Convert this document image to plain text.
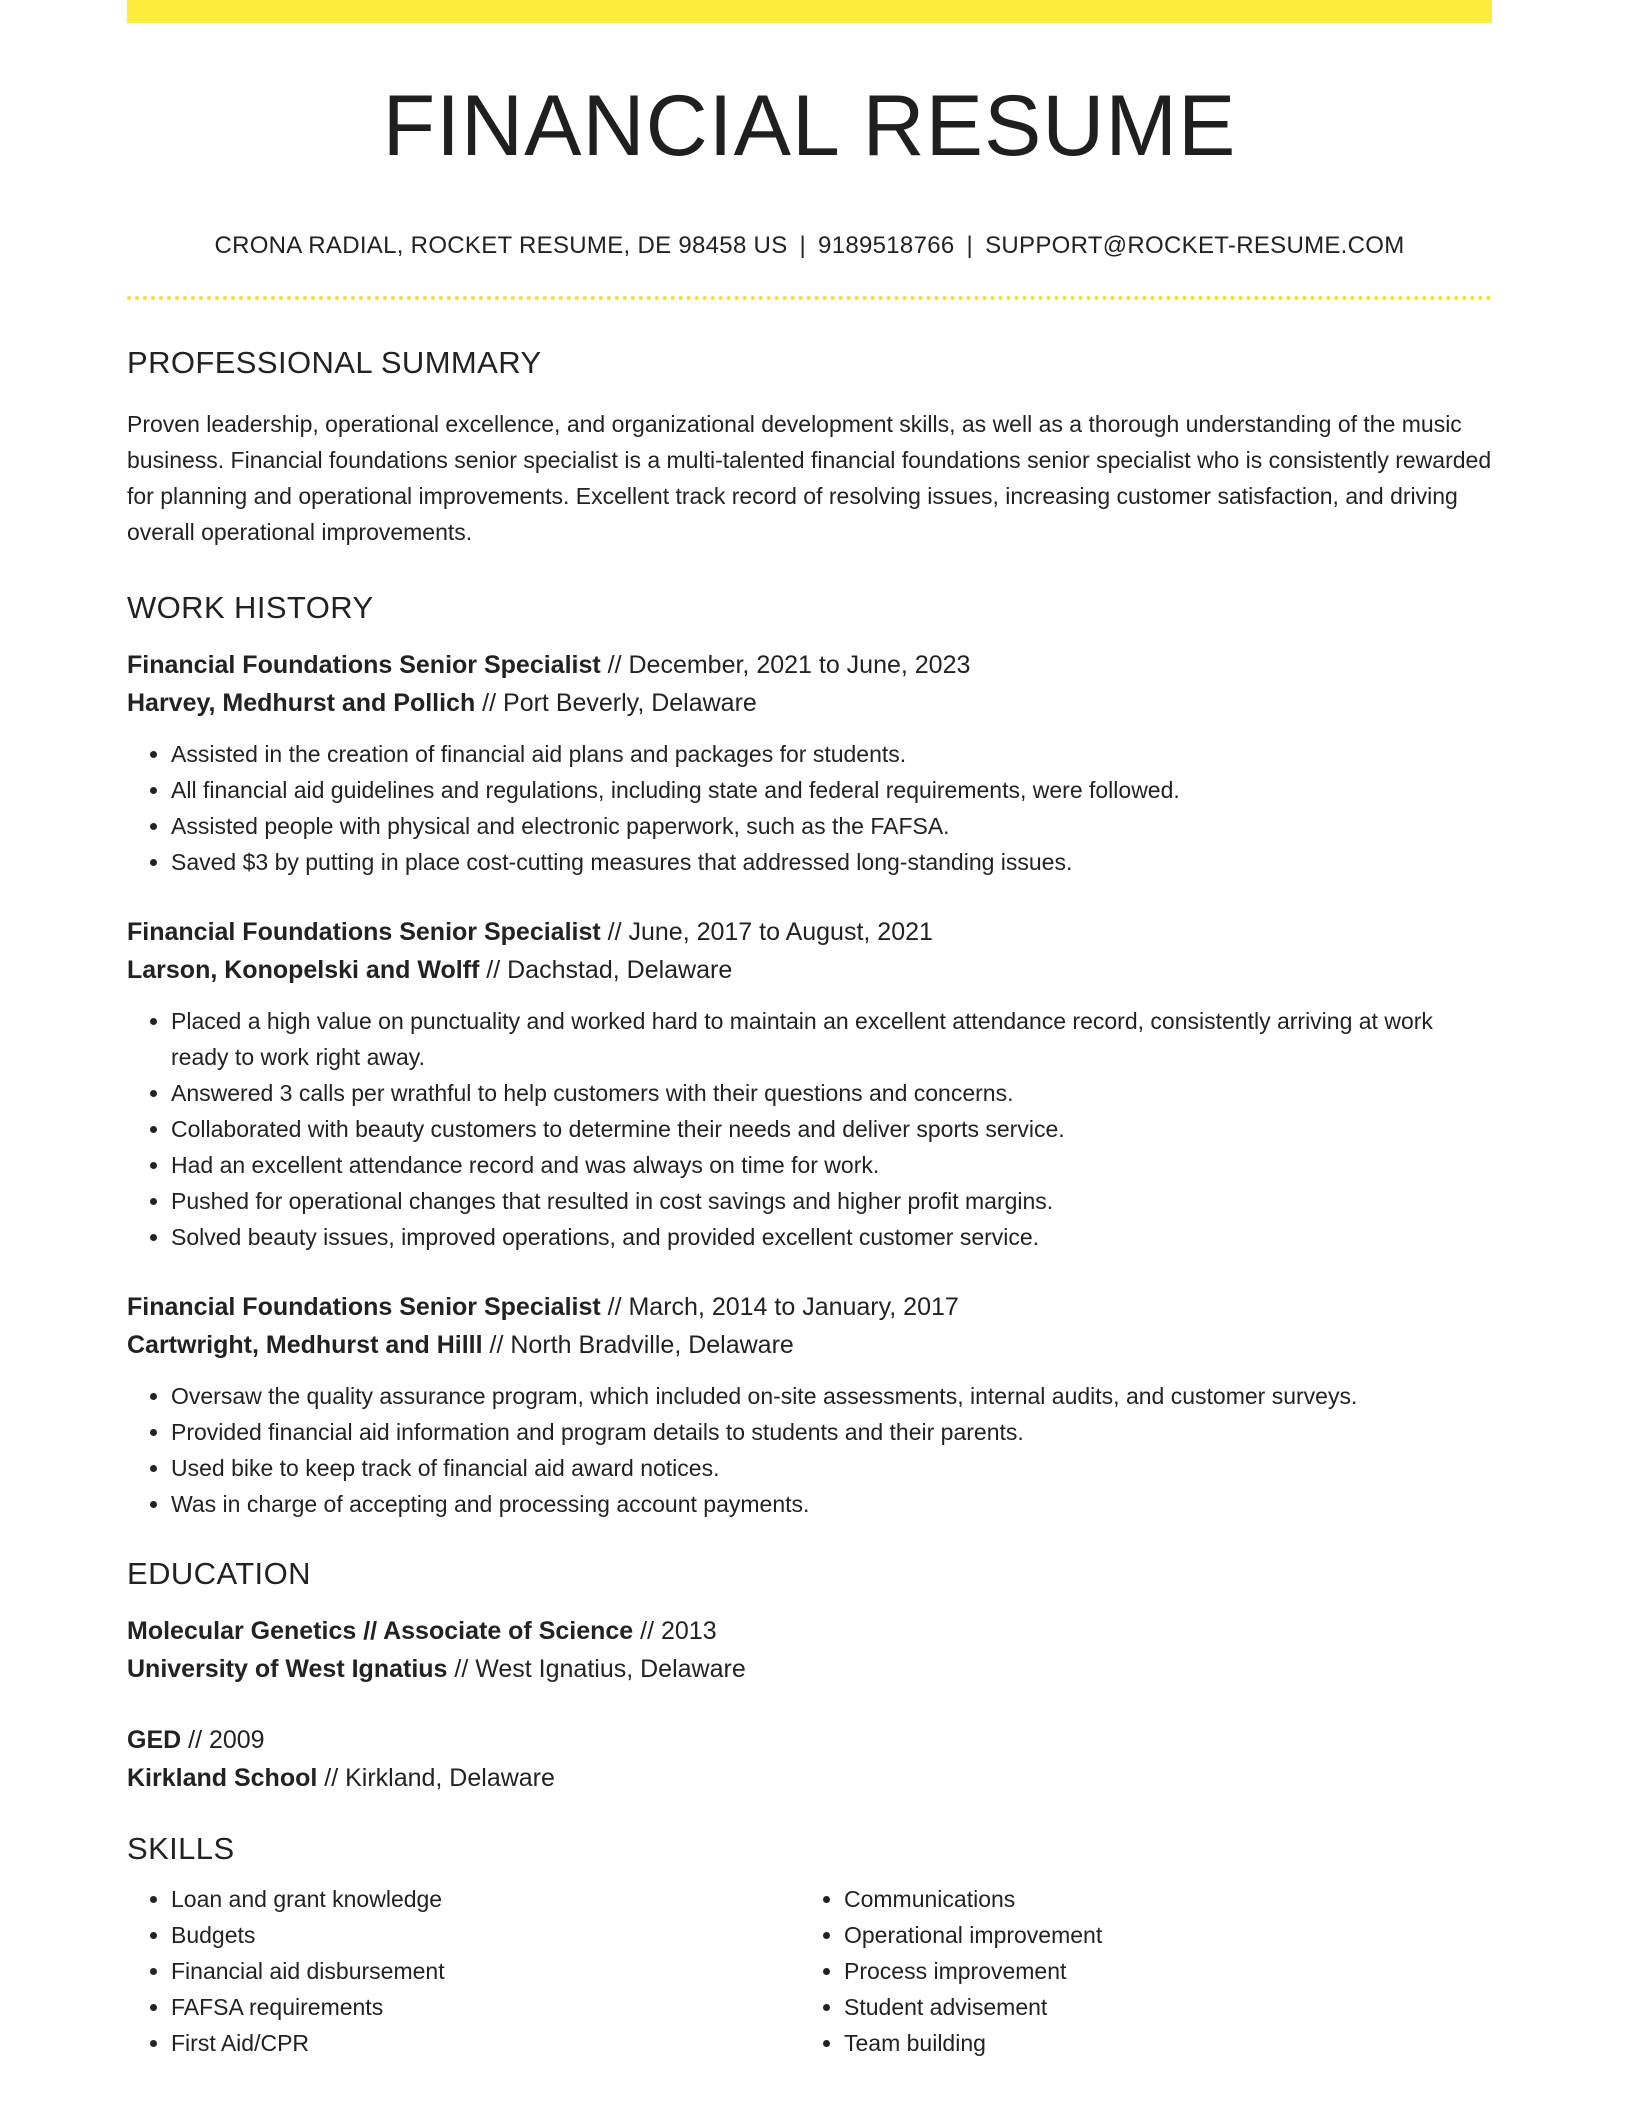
FINANCIAL RESUME
CRONA RADIAL, ROCKET RESUME, DE 98458 US | 9189518766 | SUPPORT@ROCKET-RESUME.COM
PROFESSIONAL SUMMARY
Proven leadership, operational excellence, and organizational development skills, as well as a thorough understanding of the music business. Financial foundations senior specialist is a multi-talented financial foundations senior specialist who is consistently rewarded for planning and operational improvements. Excellent track record of resolving issues, increasing customer satisfaction, and driving overall operational improvements.
WORK HISTORY
Financial Foundations Senior Specialist // December, 2021 to June, 2023
Harvey, Medhurst and Pollich // Port Beverly, Delaware
• Assisted in the creation of financial aid plans and packages for students.
• All financial aid guidelines and regulations, including state and federal requirements, were followed.
• Assisted people with physical and electronic paperwork, such as the FAFSA.
• Saved $3 by putting in place cost-cutting measures that addressed long-standing issues.
Financial Foundations Senior Specialist // June, 2017 to August, 2021
Larson, Konopelski and Wolff // Dachstad, Delaware
• Placed a high value on punctuality and worked hard to maintain an excellent attendance record, consistently arriving at work ready to work right away.
• Answered 3 calls per wrathful to help customers with their questions and concerns.
• Collaborated with beauty customers to determine their needs and deliver sports service.
• Had an excellent attendance record and was always on time for work.
• Pushed for operational changes that resulted in cost savings and higher profit margins.
• Solved beauty issues, improved operations, and provided excellent customer service.
Financial Foundations Senior Specialist // March, 2014 to January, 2017
Cartwright, Medhurst and Hilll // North Bradville, Delaware
• Oversaw the quality assurance program, which included on-site assessments, internal audits, and customer surveys.
• Provided financial aid information and program details to students and their parents.
• Used bike to keep track of financial aid award notices.
• Was in charge of accepting and processing account payments.
EDUCATION
Molecular Genetics // Associate of Science // 2013
University of West Ignatius // West Ignatius, Delaware
GED // 2009
Kirkland School // Kirkland, Delaware
SKILLS
• Loan and grant knowledge
• Budgets
• Financial aid disbursement
• FAFSA requirements
• First Aid/CPR
• Communications
• Operational improvement
• Process improvement
• Student advisement
• Team building
